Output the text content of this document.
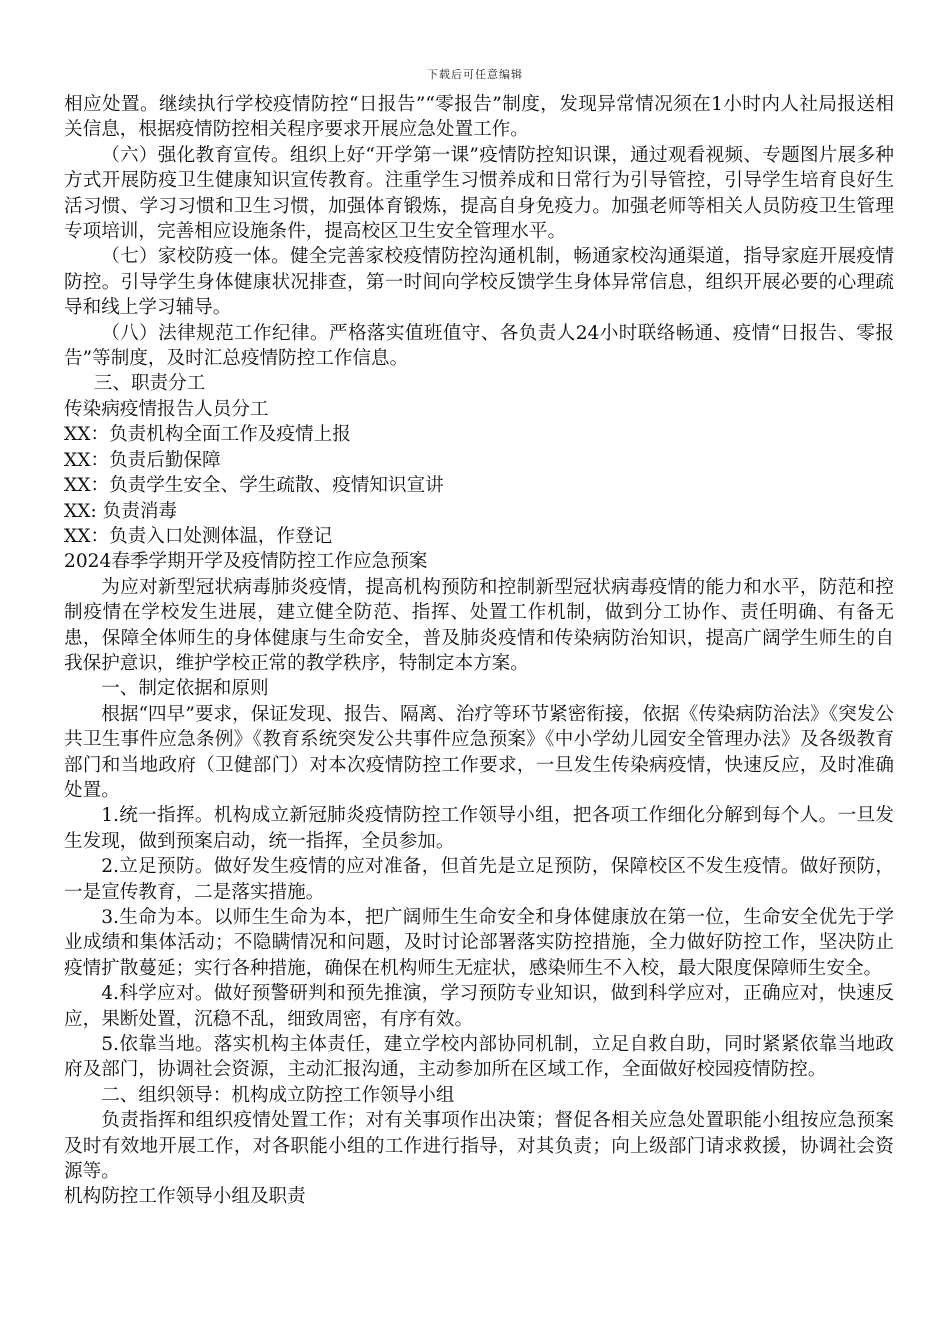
下载后可任意编辑

相应处置。继续执行学校疫情防控“日报告”“零报告”制度，发现异常情况须在1小时内人社局报送相关信息，根据疫情防控相关程序要求开展应急处置工作。

（六）强化教育宣传。组织上好“开学第一课”疫情防控知识课，通过观看视频、专题图片展多种方式开展防疫卫生健康知识宣传教育。注重学生习惯养成和日常行为引导管控，引导学生培育良好生活习惯、学习习惯和卫生习惯，加强体育锻炼，提高自身免疫力。加强老师等相关人员防疫卫生管理专项培训，完善相应设施条件，提高校区卫生安全管理水平。

（七）家校防疫一体。健全完善家校疫情防控沟通机制，畅通家校沟通渠道，指导家庭开展疫情防控。引导学生身体健康状况排查，第一时间向学校反馈学生身体异常信息，组织开展必要的心理疏导和线上学习辅导。

（八）法律规范工作纪律。严格落实值班值守、各负责人24小时联络畅通、疫情“日报告、零报告”等制度，及时汇总疫情防控工作信息。

三、职责分工

传染病疫情报告人员分工

XX：负责机构全面工作及疫情上报

XX：负责后勤保障

XX：负责学生安全、学生疏散、疫情知识宣讲

XX: 负责消毒

XX：负责入口处测体温，作登记

2024春季学期开学及疫情防控工作应急预案

为应对新型冠状病毒肺炎疫情，提高机构预防和控制新型冠状病毒疫情的能力和水平，防范和控制疫情在学校发生进展，建立健全防范、指挥、处置工作机制，做到分工协作、责任明确、有备无患，保障全体师生的身体健康与生命安全，普及肺炎疫情和传染病防治知识，提高广阔学生师生的自我保护意识，维护学校正常的教学秩序，特制定本方案。

一、制定依据和原则

根据“四早”要求，保证发现、报告、隔离、治疗等环节紧密衔接，依据《传染病防治法》《突发公共卫生事件应急条例》《教育系统突发公共事件应急预案》《中小学幼儿园安全管理办法》及各级教育部门和当地政府（卫健部门）对本次疫情防控工作要求，一旦发生传染病疫情，快速反应，及时准确处置。

1.统一指挥。机构成立新冠肺炎疫情防控工作领导小组，把各项工作细化分解到每个人。一旦发生发现，做到预案启动，统一指挥，全员参加。

2.立足预防。做好发生疫情的应对准备，但首先是立足预防，保障校区不发生疫情。做好预防，一是宣传教育，二是落实措施。

3.生命为本。以师生生命为本，把广阔师生生命安全和身体健康放在第一位，生命安全优先于学业成绩和集体活动；不隐瞒情况和问题，及时讨论部署落实防控措施，全力做好防控工作，坚决防止疫情扩散蔓延；实行各种措施，确保在机构师生无症状，感染师生不入校，最大限度保障师生安全。

4.科学应对。做好预警研判和预先推演，学习预防专业知识，做到科学应对，正确应对，快速反应，果断处置，沉稳不乱，细致周密，有序有效。

5.依靠当地。落实机构主体责任，建立学校内部协同机制，立足自救自助，同时紧紧依靠当地政府及部门，协调社会资源，主动汇报沟通，主动参加所在区域工作，全面做好校园疫情防控。

二、组织领导：机构成立防控工作领导小组

负责指挥和组织疫情处置工作；对有关事项作出决策；督促各相关应急处置职能小组按应急预案及时有效地开展工作，对各职能小组的工作进行指导，对其负责；向上级部门请求救援，协调社会资源等。

机构防控工作领导小组及职责
